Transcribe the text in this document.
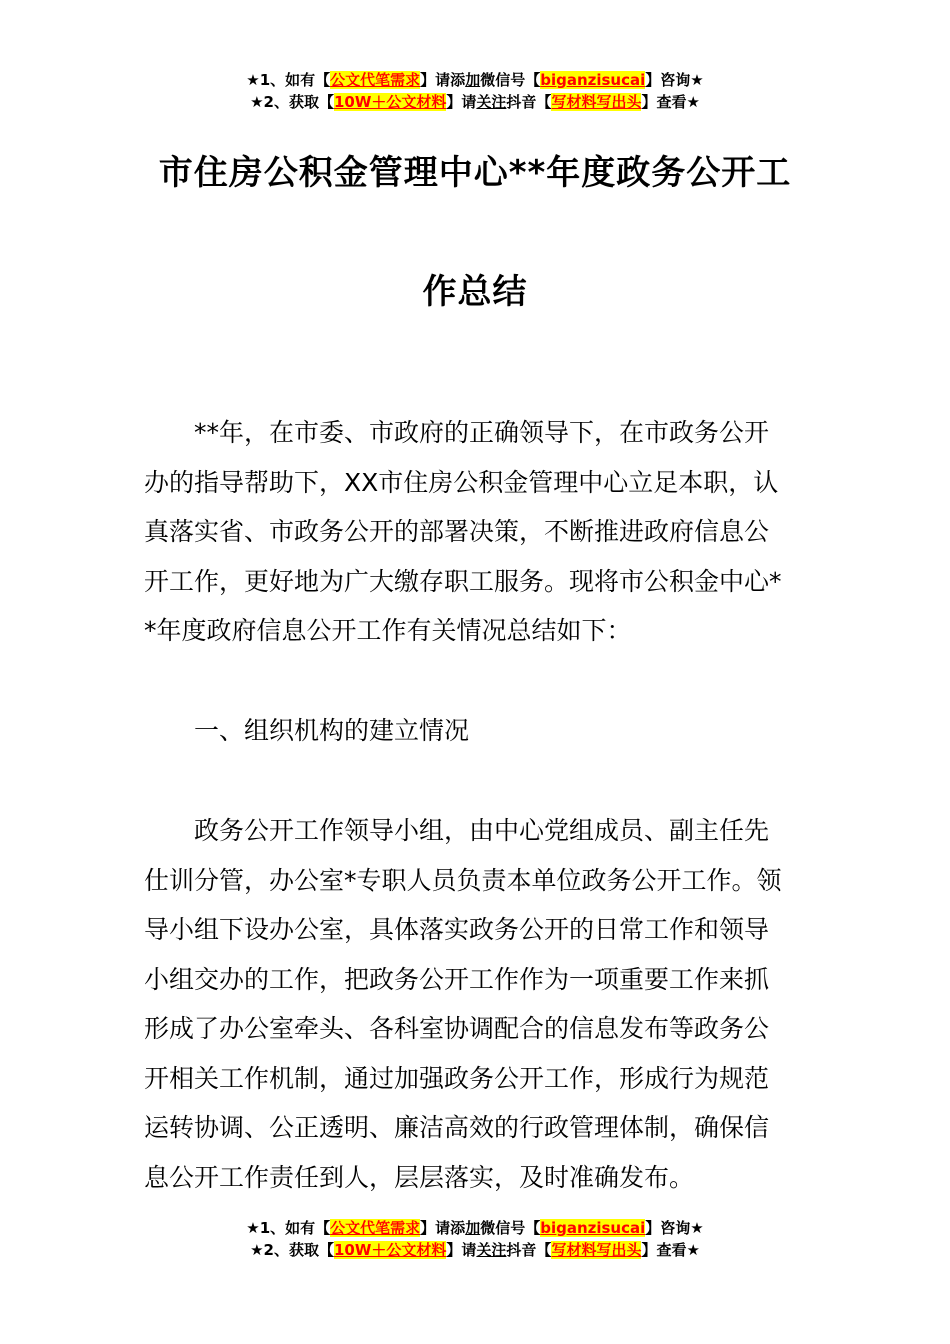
★1、如有【公文代笔需求】请添加微信号【biganzisucai】咨询★
★2、获取【10W＋公文材料】请关注抖音【写材料写出头】查看★
市住房公积金管理中心**年度政务公开工
作总结
　　**年，在市委、市政府的正确领导下，在市政务公开
办的指导帮助下，XX市住房公积金管理中心立足本职，认
真落实省、市政务公开的部署决策，不断推进政府信息公
开工作，更好地为广大缴存职工服务。现将市公积金中心*
*年度政府信息公开工作有关情况总结如下：
　　一、组织机构的建立情况
　　政务公开工作领导小组，由中心党组成员、副主任先
仕训分管，办公室*专职人员负责本单位政务公开工作。领
导小组下设办公室，具体落实政务公开的日常工作和领导
小组交办的工作，把政务公开工作作为一项重要工作来抓
形成了办公室牵头、各科室协调配合的信息发布等政务公
开相关工作机制，通过加强政务公开工作，形成行为规范
运转协调、公正透明、廉洁高效的行政管理体制，确保信
息公开工作责任到人，层层落实，及时准确发布。
★1、如有【公文代笔需求】请添加微信号【biganzisucai】咨询★
★2、获取【10W＋公文材料】请关注抖音【写材料写出头】查看★
